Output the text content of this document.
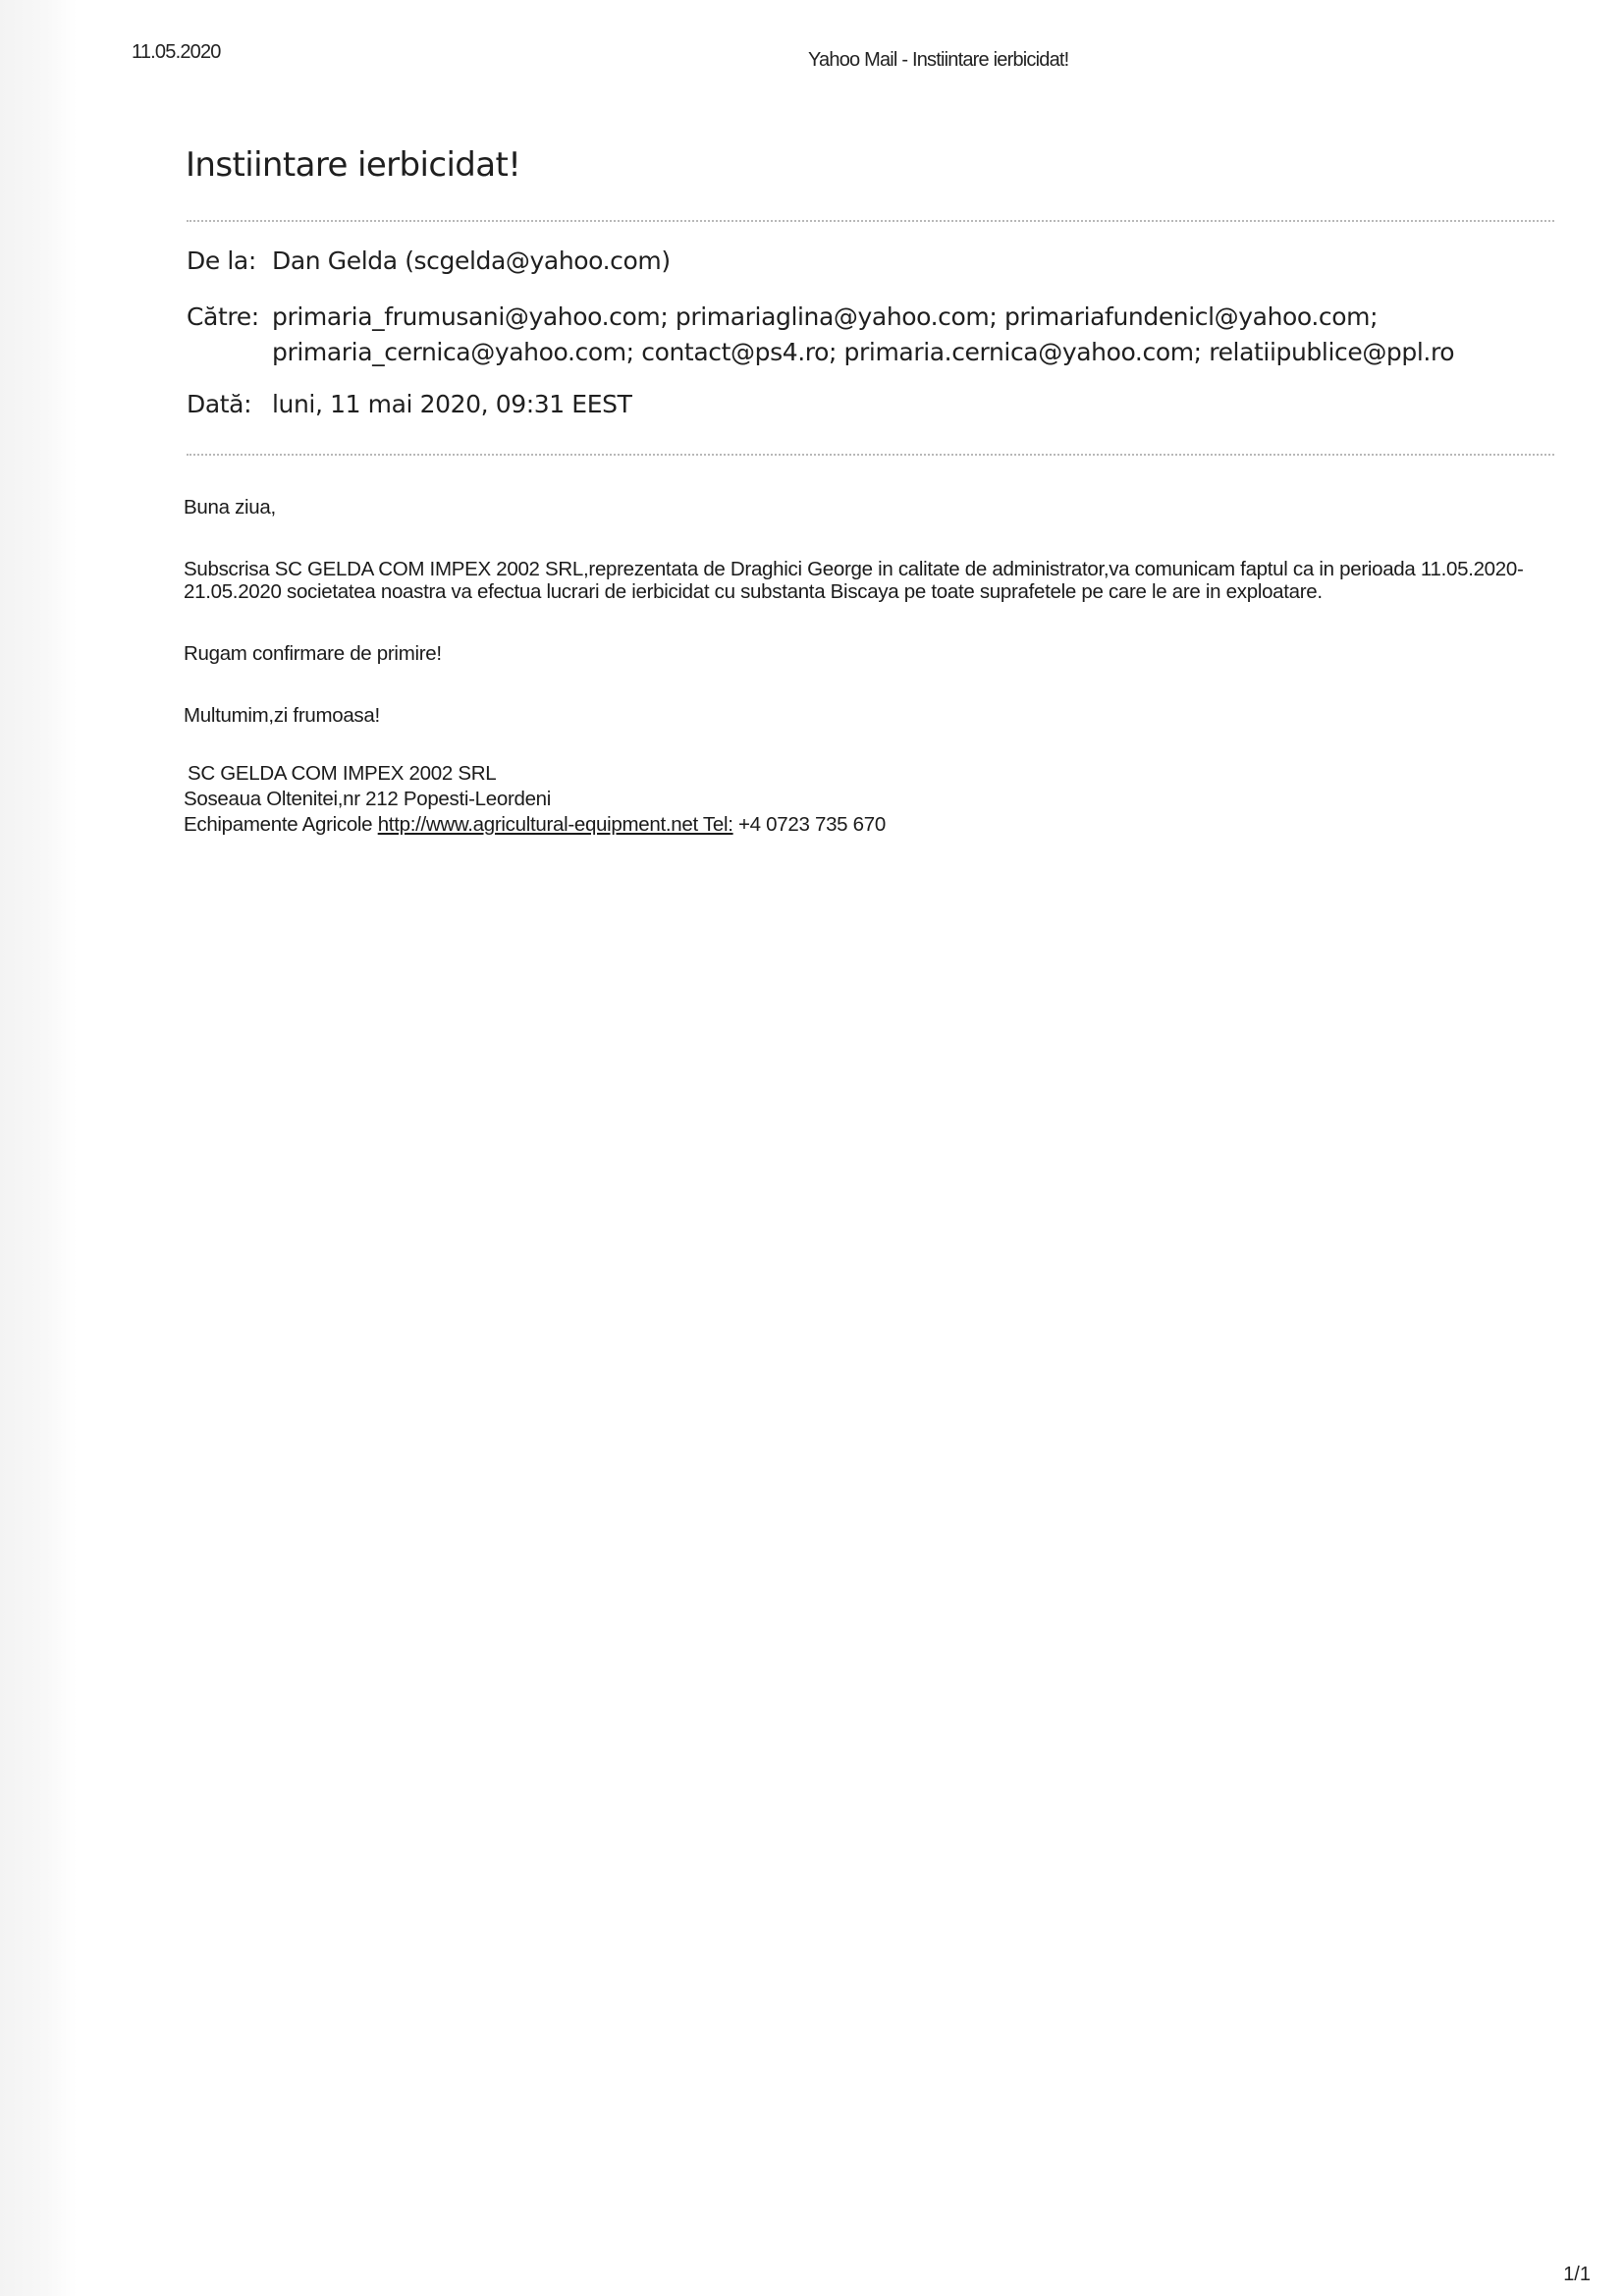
11.05.2020	Yahoo Mail - Instiintare ierbicidat!
Instiintare ierbicidat!
De la: Dan Gelda (scgelda@yahoo.com)
Către: primaria_frumusani@yahoo.com; primariaglina@yahoo.com; primariafundenicl@yahoo.com;
primaria_cernica@yahoo.com; contact@ps4.ro; primaria.cernica@yahoo.com; relatiipublice@ppl.ro
Dată: luni, 11 mai 2020, 09:31 EEST

Buna ziua,

Subscrisa SC GELDA COM IMPEX 2002 SRL,reprezentata de Draghici George in calitate de administrator,va comunicam faptul ca in perioada 11.05.2020-21.05.2020 societatea noastra va efectua lucrari de ierbicidat cu substanta Biscaya pe toate suprafetele pe care le are in exploatare.

Rugam confirmare de primire!

Multumim,zi frumoasa!

SC GELDA COM IMPEX 2002 SRL
Soseaua Oltenitei,nr 212 Popesti-Leordeni
Echipamente Agricole http://www.agricultural-equipment.net Tel: +4 0723 735 670
1/1
